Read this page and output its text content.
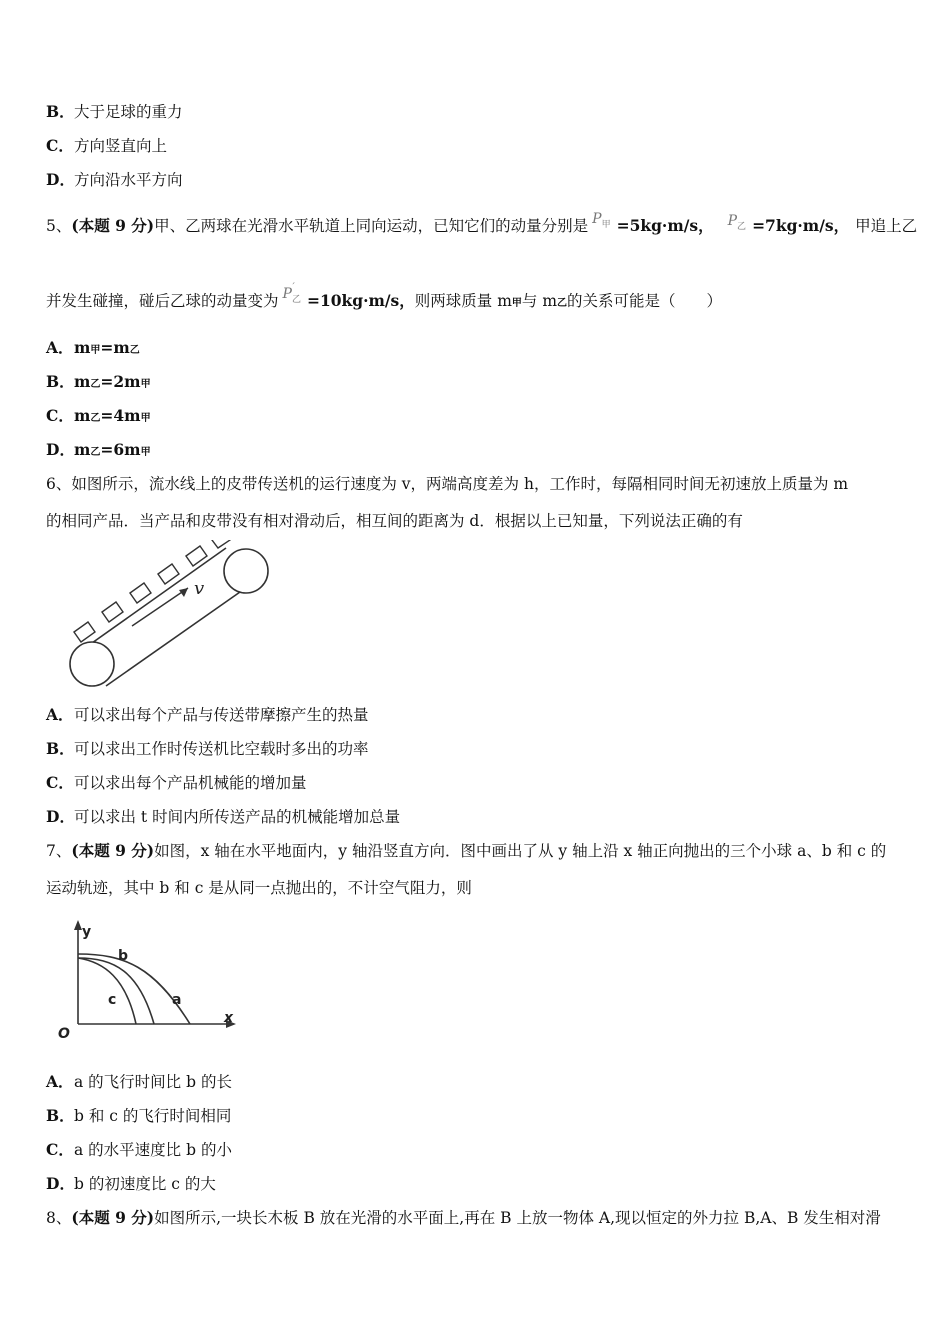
B．大于足球的重力
C．方向竖直向上
D．方向沿水平方向
5、(本题 9 分)甲、乙两球在光滑水平轨道上同向运动，已知它们的动量分别是 $P_甲 =5kg\cdot m/s$， $P_乙 =7kg\cdot m/s$， 甲追上乙
并发生碰撞，碰后乙球的动量变为 P ′
$_乙$ =10kg·m/s，则两球质量 m甲与 m乙的关系可能是（　　）
A．m甲=m乙
B．m乙=2m甲
C．m乙=4m甲
D．m乙=6m甲
6、如图所示，流水线上的皮带传送机的运行速度为 v，两端高度差为 h，工作时，每隔相同时间无初速放上质量为 m
的相同产品．当产品和皮带没有相对滑动后，相互间的距离为 d．根据以上已知量，下列说法正确的有
v
A．可以求出每个产品与传送带摩擦产生的热量
B．可以求出工作时传送机比空载时多出的功率
C．可以求出每个产品机械能的增加量
D．可以求出 t 时间内所传送产品的机械能增加总量
7、(本题 9 分)如图，x 轴在水平地面内，y 轴沿竖直方向．图中画出了从 y 轴上沿 x 轴正向抛出的三个小球 a、b 和 c 的
运动轨迹，其中 b 和 c 是从同一点抛出的，不计空气阻力，则
y
x
O
b
c	a
A．a 的飞行时间比 b 的长
B．b 和 c 的飞行时间相同
C．a 的水平速度比 b 的小
D．b 的初速度比 c 的大
8、(本题 9 分)如图所示,一块长木板 B 放在光滑的水平面上,再在 B 上放一物体 A,现以恒定的外力拉 B,A、B 发生相对滑
